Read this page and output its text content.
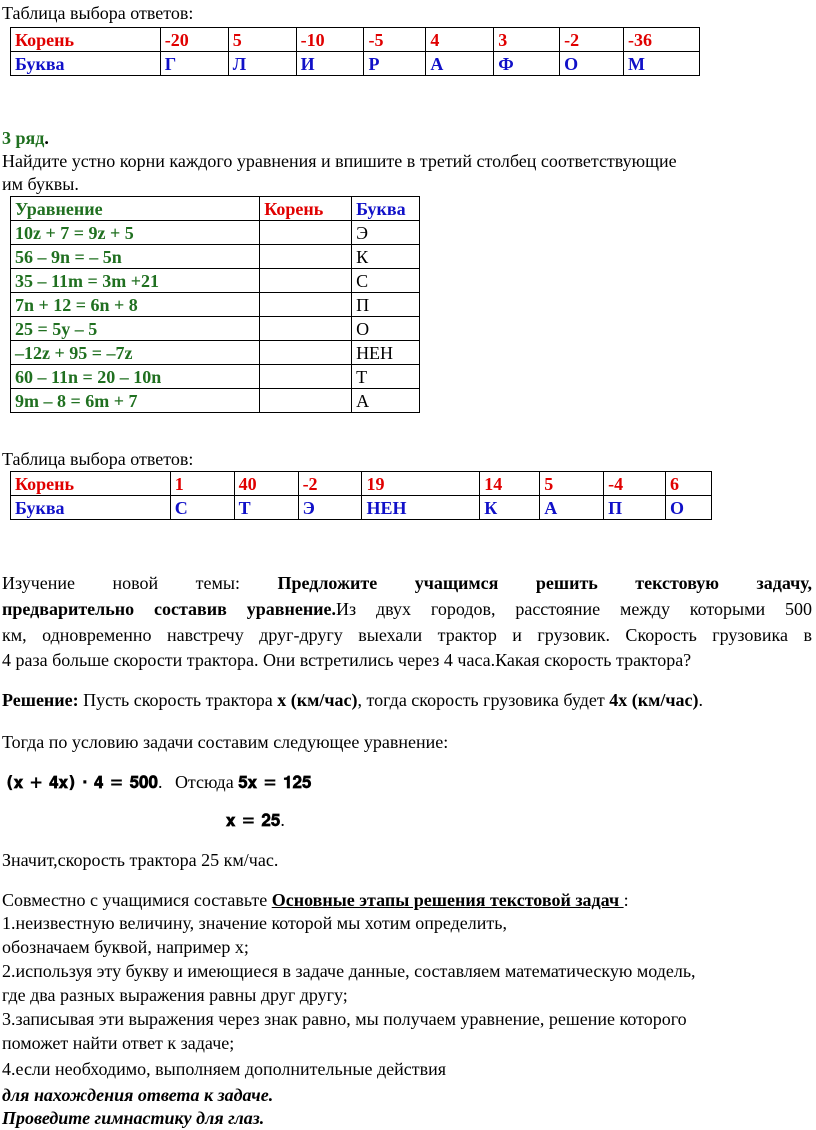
Таблица выбора ответов:
Корень	-20	5	-10	-5	4	3	-2	-36
Буква	Г	Л	И	Р	А	Ф	О	М
3 ряд.
Найдите устно корни каждого уравнения и впишите в третий столбец соответствующие
им буквы.
Уравнение	Корень	Буква
10z + 7 = 9z + 5		Э
56 – 9n = – 5n		К
35 – 11m = 3m +21		С
7n + 12 = 6n + 8		П
25 = 5y – 5		О
–12z + 95 = –7z		НЕН
60 – 11n = 20 – 10n		Т
9m – 8 = 6m + 7		А
Таблица выбора ответов:
Корень	1	40	-2	19	14	5	-4	6
Буква	С	Т	Э	НЕН	К	А	П	О
Изучение новой темы: Предложите учащимся решить текстовую задачу,
предварительно составив уравнение.Из двух городов, расстояние между которыми 500
км, одновременно навстречу друг-другу выехали трактор и грузовик. Скорость грузовика в
4 раза больше скорости трактора. Они встретились через 4 часа.Какая скорость трактора?
Решение: Пусть скорость трактора х (км/час), тогда скорость грузовика будет 4х (км/час).
Тогда по условию задачи составим следующее уравнение:
(𝐱 + 𝟒𝐱) · 𝟒 = 𝟓𝟎𝟎. Отсюда 𝟓𝐱 = 𝟏𝟐𝟓
𝐱 = 𝟐𝟓.
Значит,скорость трактора 25 км/час.
Совместно с учащимися составьте Основные этапы решения текстовой задач :
1.неизвестную величину, значение которой мы хотим определить,
обозначаем буквой, например х;
2.используя эту букву и имеющиеся в задаче данные, составляем математическую модель,
где два разных выражения равны друг другу;
3.записывая эти выражения через знак равно, мы получаем уравнение, решение которого
поможет найти ответ к задаче;
4.если необходимо, выполняем дополнительные действия
для нахождения ответа к задаче.
Проведите гимнастику для глаз.
